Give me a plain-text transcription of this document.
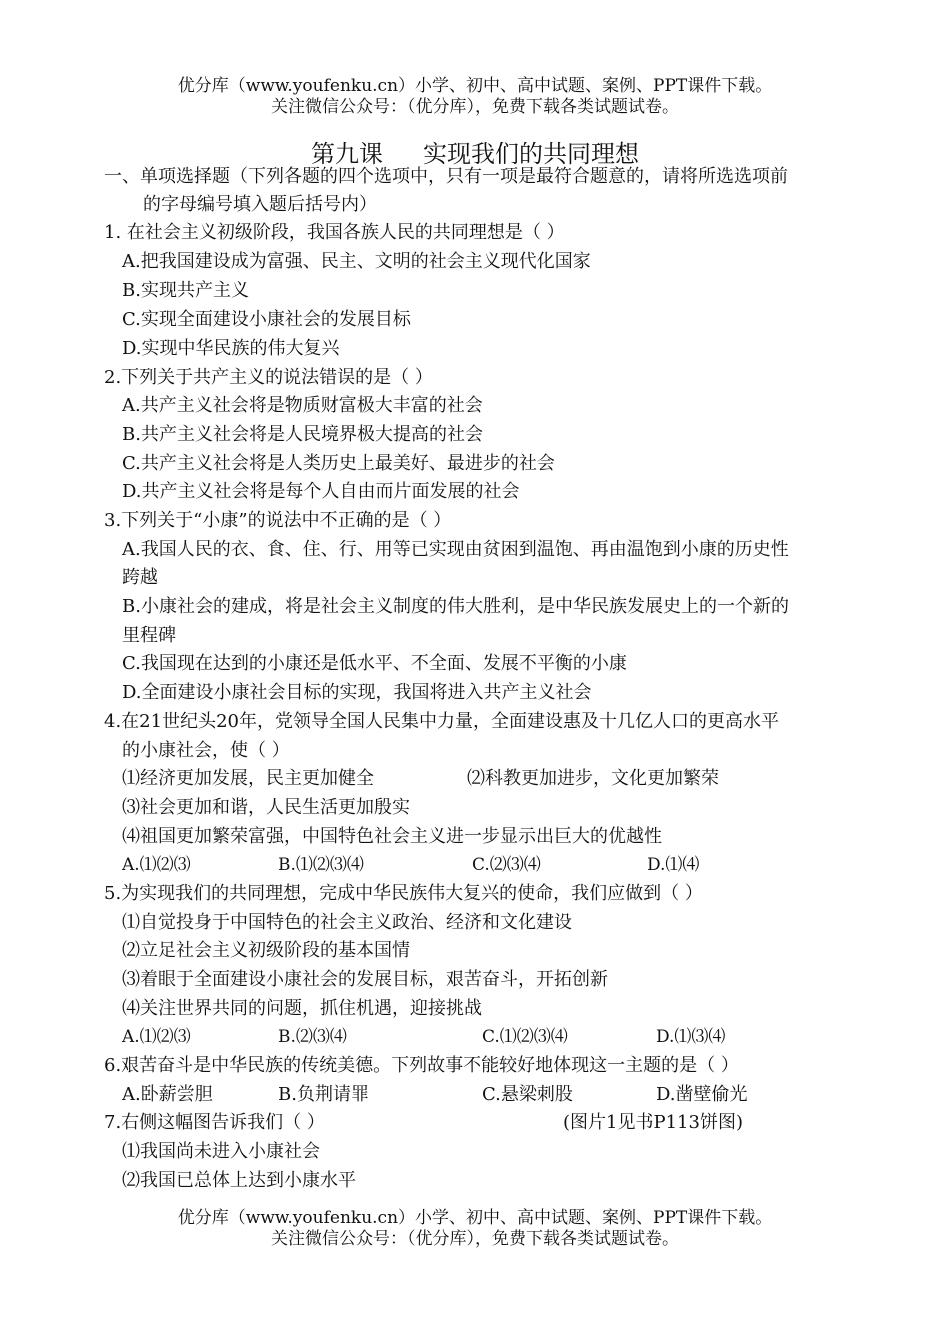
优分库（www.youfenku.cn）小学、初中、高中试题、案例、PPT课件下载。
关注微信公众号：（优分库），免费下载各类试题试卷。
第九课 实现我们的共同理想
一、单项选择题（下列各题的四个选项中，只有一项是最符合题意的，请将所选选项前
的字母编号填入题后括号内）
1. 在社会主义初级阶段，我国各族人民的共同理想是（ ）
A.把我国建设成为富强、民主、文明的社会主义现代化国家
B.实现共产主义
C.实现全面建设小康社会的发展目标
D.实现中华民族的伟大复兴
2.下列关于共产主义的说法错误的是（ ）
A.共产主义社会将是物质财富极大丰富的社会
B.共产主义社会将是人民境界极大提高的社会
C.共产主义社会将是人类历史上最美好、最进步的社会
D.共产主义社会将是每个人自由而片面发展的社会
3.下列关于“小康”的说法中不正确的是（ ）
A.我国人民的衣、食、住、行、用等已实现由贫困到温饱、再由温饱到小康的历史性
跨越
B.小康社会的建成，将是社会主义制度的伟大胜利，是中华民族发展史上的一个新的
里程碑
C.我国现在达到的小康还是低水平、不全面、发展不平衡的小康
D.全面建设小康社会目标的实现，我国将进入共产主义社会
4.在21世纪头20年，党领导全国人民集中力量，全面建设惠及十几亿人口的更高水平
的小康社会，使（ ）
⑴经济更加发展，民主更加健全	⑵科教更加进步，文化更加繁荣
⑶社会更加和谐，人民生活更加殷实
⑷祖国更加繁荣富强，中国特色社会主义进一步显示出巨大的优越性
A.⑴⑵⑶	B.⑴⑵⑶⑷	C.⑵⑶⑷	D.⑴⑷
5.为实现我们的共同理想，完成中华民族伟大复兴的使命，我们应做到（ ）
⑴自觉投身于中国特色的社会主义政治、经济和文化建设
⑵立足社会主义初级阶段的基本国情
⑶着眼于全面建设小康社会的发展目标，艰苦奋斗，开拓创新
⑷关注世界共同的问题，抓住机遇，迎接挑战
A.⑴⑵⑶	B.⑵⑶⑷	C.⑴⑵⑶⑷	D.⑴⑶⑷
6.艰苦奋斗是中华民族的传统美德。下列故事不能较好地体现这一主题的是（ ）
A.卧薪尝胆	B.负荆请罪	C.悬梁刺股	D.凿壁偷光
7.右侧这幅图告诉我们（ ）	(图片1见书P113饼图)
⑴我国尚未进入小康社会
⑵我国已总体上达到小康水平
优分库（www.youfenku.cn）小学、初中、高中试题、案例、PPT课件下载。
关注微信公众号：（优分库），免费下载各类试题试卷。
